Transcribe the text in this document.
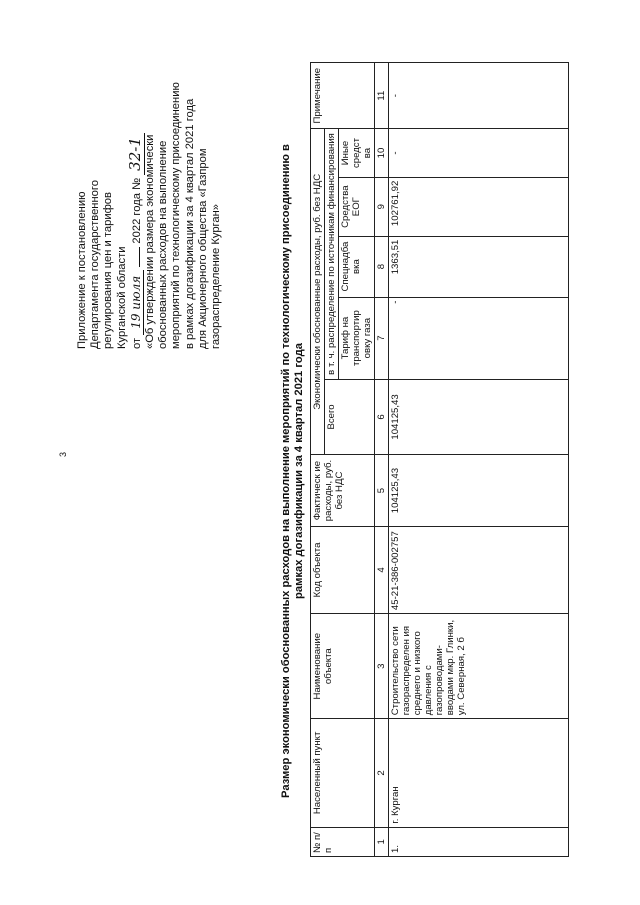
3
Приложение к постановлению Департамента государственного регулирования цен и тарифов Курганской области от 19 июля  2022 года № 32-1 «Об утверждении размера экономически обоснованных расходов на выполнение мероприятий по технологическому присоединению в рамках догазификации за 4 квартал 2021 года для Акционерного общества «Газпром газораспределение Курган»	Размер экономически обоснованных расходов на выполнение мероприятий по технологическому присоединению в рамках догазификации за 4 квартал 2021 года
№ п/п	Населенный пункт	Наименование объекта	Код объекта	Фактическ ие расходы, руб. без НДС	Экономически обоснованные расходы, руб. без НДС					Примечание
					Всего	в т. ч. распределение по источникам финансирования				
						Тариф на транспортир овку газа	Спецнадба вка	Средства ЕОГ	Иные средст ва	
1	2	3	4	5	6	7	8	9	10	11
1.	г. Курган	Строительство сети газораспределен ия среднего и низкого давления с газопроводами-вводами мкр. Глинки, ул. Северная, 2 б	45-21-386-002757	104125,43	104125,43	-	1363,51	102761,92	-	-
